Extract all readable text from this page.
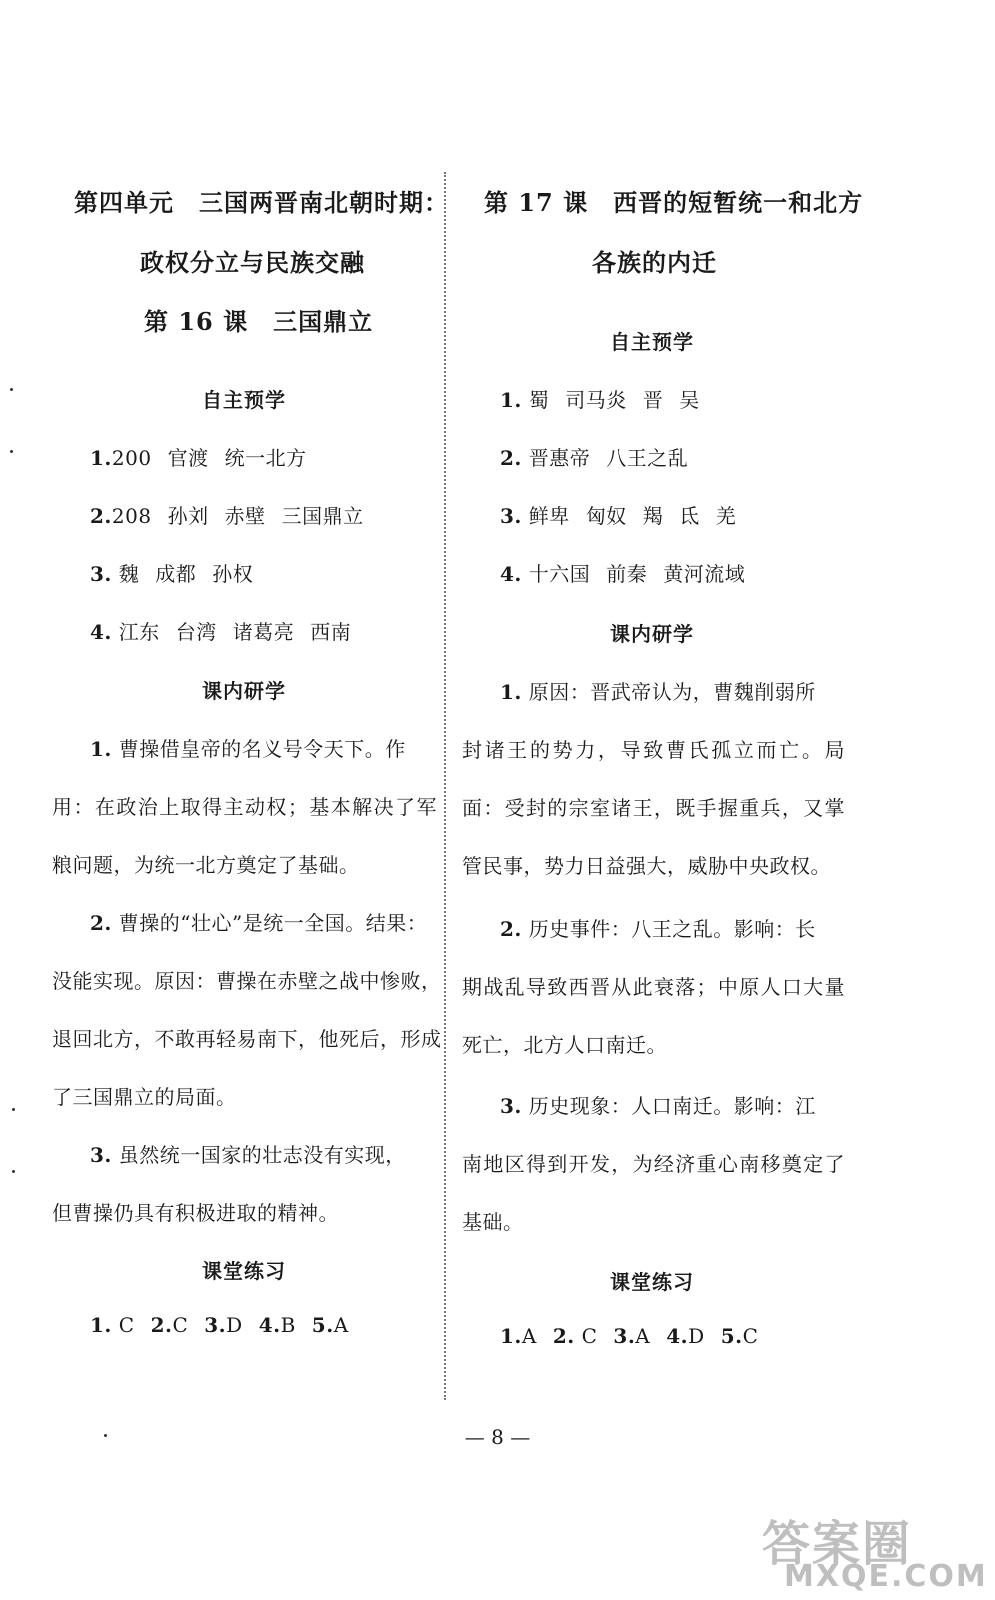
第四单元　三国两晋南北朝时期：
政权分立与民族交融
第 16 课　三国鼎立
自主预学
1.200 官渡 统一北方
2.208 孙刘 赤壁 三国鼎立
3. 魏 成都 孙权
4. 江东 台湾 诸葛亮 西南
课内研学
1. 曹操借皇帝的名义号令天下。作
用：在政治上取得主动权；基本解决了军
粮问题，为统一北方奠定了基础。
2. 曹操的“壮心”是统一全国。结果：
没能实现。原因：曹操在赤壁之战中惨败，
退回北方，不敢再轻易南下，他死后，形成
了三国鼎立的局面。
3. 虽然统一国家的壮志没有实现，
但曹操仍具有积极进取的精神。
课堂练习
1. C 2.C 3.D 4.B 5.A
第 17 课　西晋的短暂统一和北方
各族的内迁
自主预学
1. 蜀 司马炎 晋 吴
2. 晋惠帝 八王之乱
3. 鲜卑 匈奴 羯 氐 羌
4. 十六国 前秦 黄河流域
课内研学
1. 原因：晋武帝认为，曹魏削弱所
封诸王的势力，导致曹氏孤立而亡。局
面：受封的宗室诸王，既手握重兵，又掌
管民事，势力日益强大，威胁中央政权。
2. 历史事件：八王之乱。影响：长
期战乱导致西晋从此衰落；中原人口大量
死亡，北方人口南迁。
3. 历史现象：人口南迁。影响：江
南地区得到开发，为经济重心南移奠定了
基础。
课堂练习
1.A 2. C 3.A 4.D 5.C
— 8 —
答案圈
MXQE.COM
